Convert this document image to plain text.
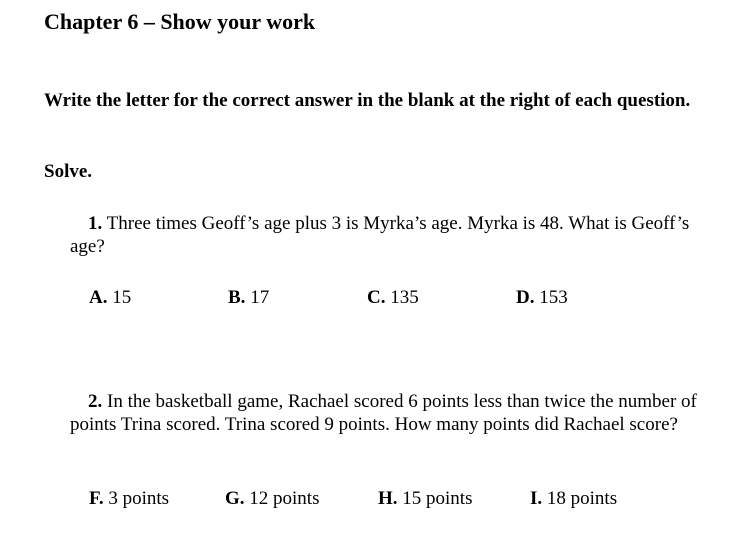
Chapter 6 – Show your work

Write the letter for the correct answer in the blank at the right of each question.

Solve.

1. Three times Geoff’s age plus 3 is Myrka’s age. Myrka is 48. What is Geoff’s age?

A. 15	B. 17	C. 135	D. 153

2. In the basketball game, Rachael scored 6 points less than twice the number of points Trina scored. Trina scored 9 points. How many points did Rachael score?

F. 3 points	G. 12 points	H. 15 points	I. 18 points
